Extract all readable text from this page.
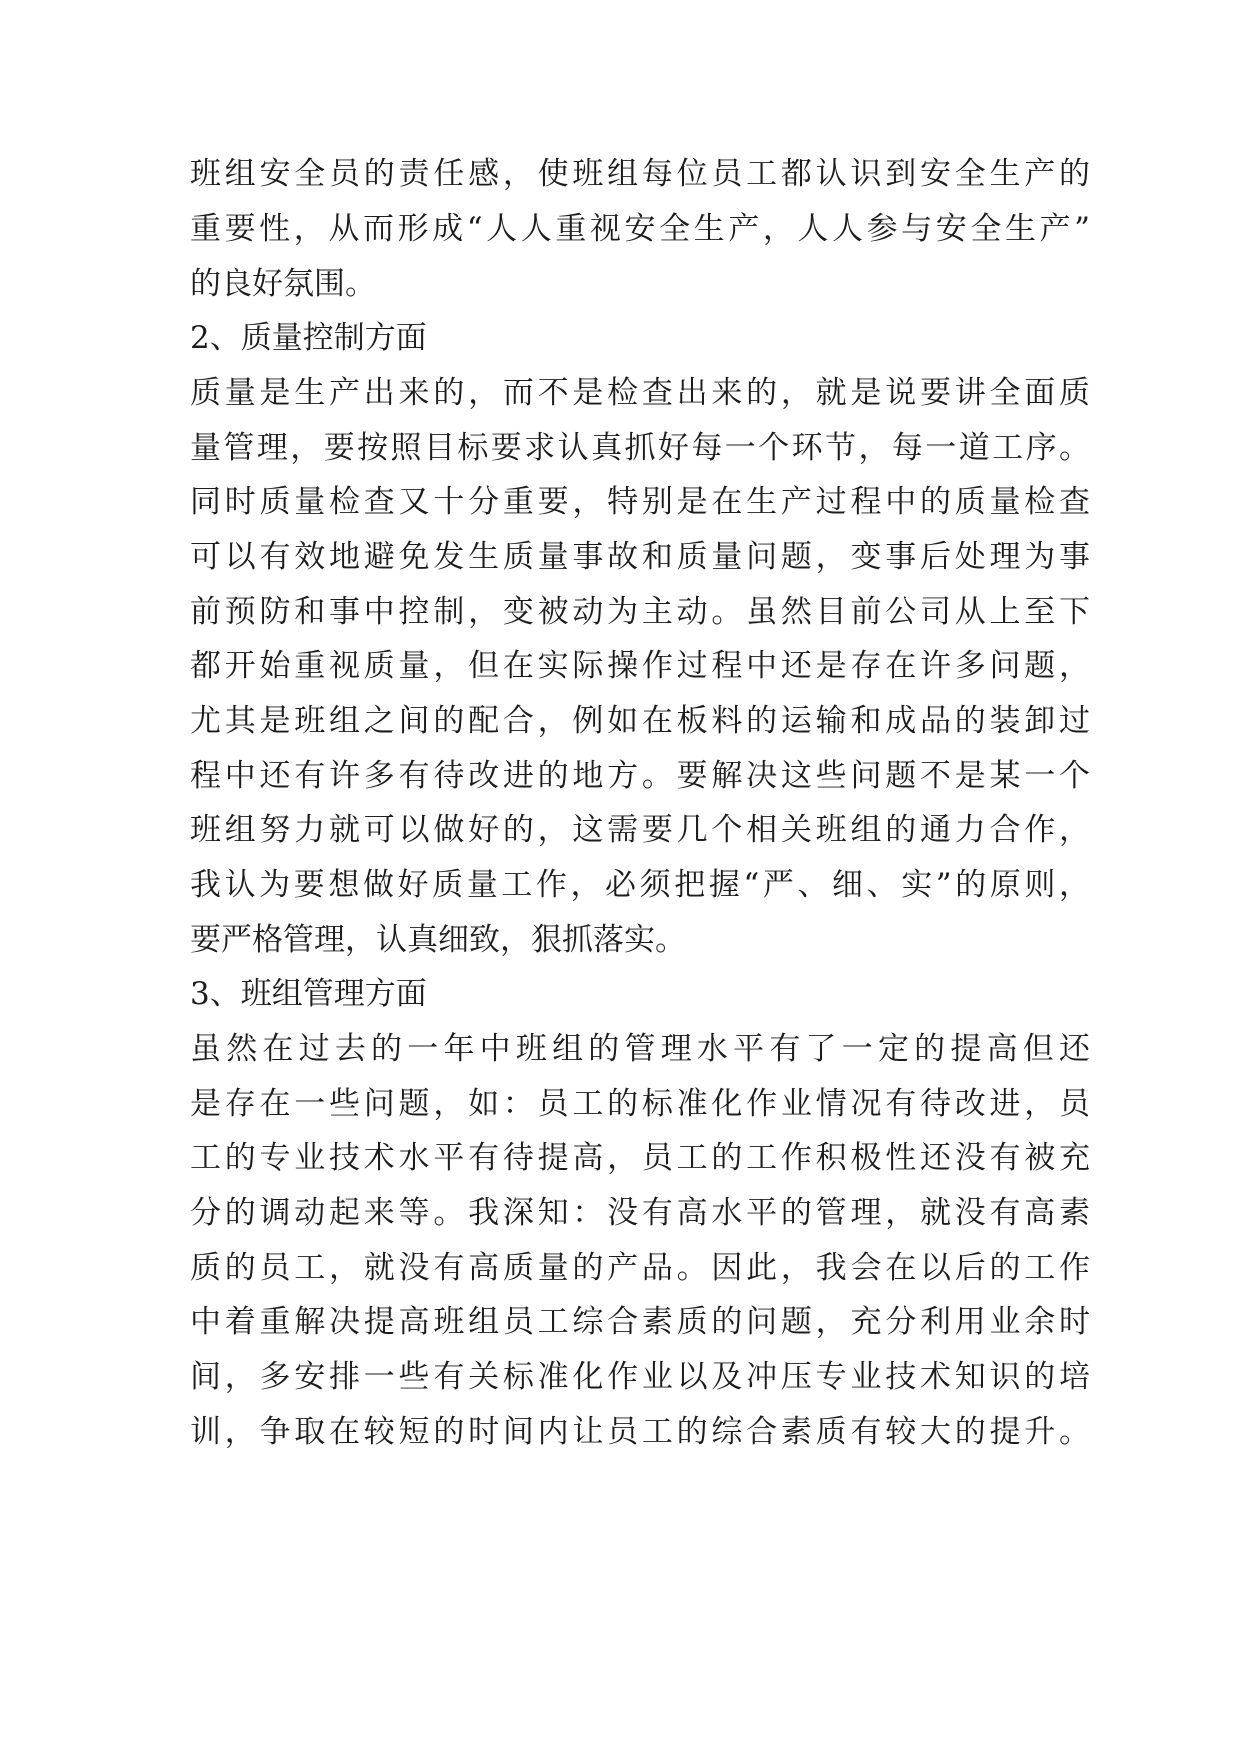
班组安全员的责任感，使班组每位员工都认识到安全生产的
重要性，从而形成“人人重视安全生产，人人参与安全生产”
的良好氛围。
2、质量控制方面
质量是生产出来的，而不是检查出来的，就是说要讲全面质
量管理，要按照目标要求认真抓好每一个环节，每一道工序。
同时质量检查又十分重要，特别是在生产过程中的质量检查
可以有效地避免发生质量事故和质量问题，变事后处理为事
前预防和事中控制，变被动为主动。虽然目前公司从上至下
都开始重视质量，但在实际操作过程中还是存在许多问题，
尤其是班组之间的配合，例如在板料的运输和成品的装卸过
程中还有许多有待改进的地方。要解决这些问题不是某一个
班组努力就可以做好的，这需要几个相关班组的通力合作，
我认为要想做好质量工作，必须把握“严、细、实”的原则，
要严格管理，认真细致，狠抓落实。
3、班组管理方面
虽然在过去的一年中班组的管理水平有了一定的提高但还
是存在一些问题，如：员工的标准化作业情况有待改进，员
工的专业技术水平有待提高，员工的工作积极性还没有被充
分的调动起来等。我深知：没有高水平的管理，就没有高素
质的员工，就没有高质量的产品。因此，我会在以后的工作
中着重解决提高班组员工综合素质的问题，充分利用业余时
间，多安排一些有关标准化作业以及冲压专业技术知识的培
训，争取在较短的时间内让员工的综合素质有较大的提升。
